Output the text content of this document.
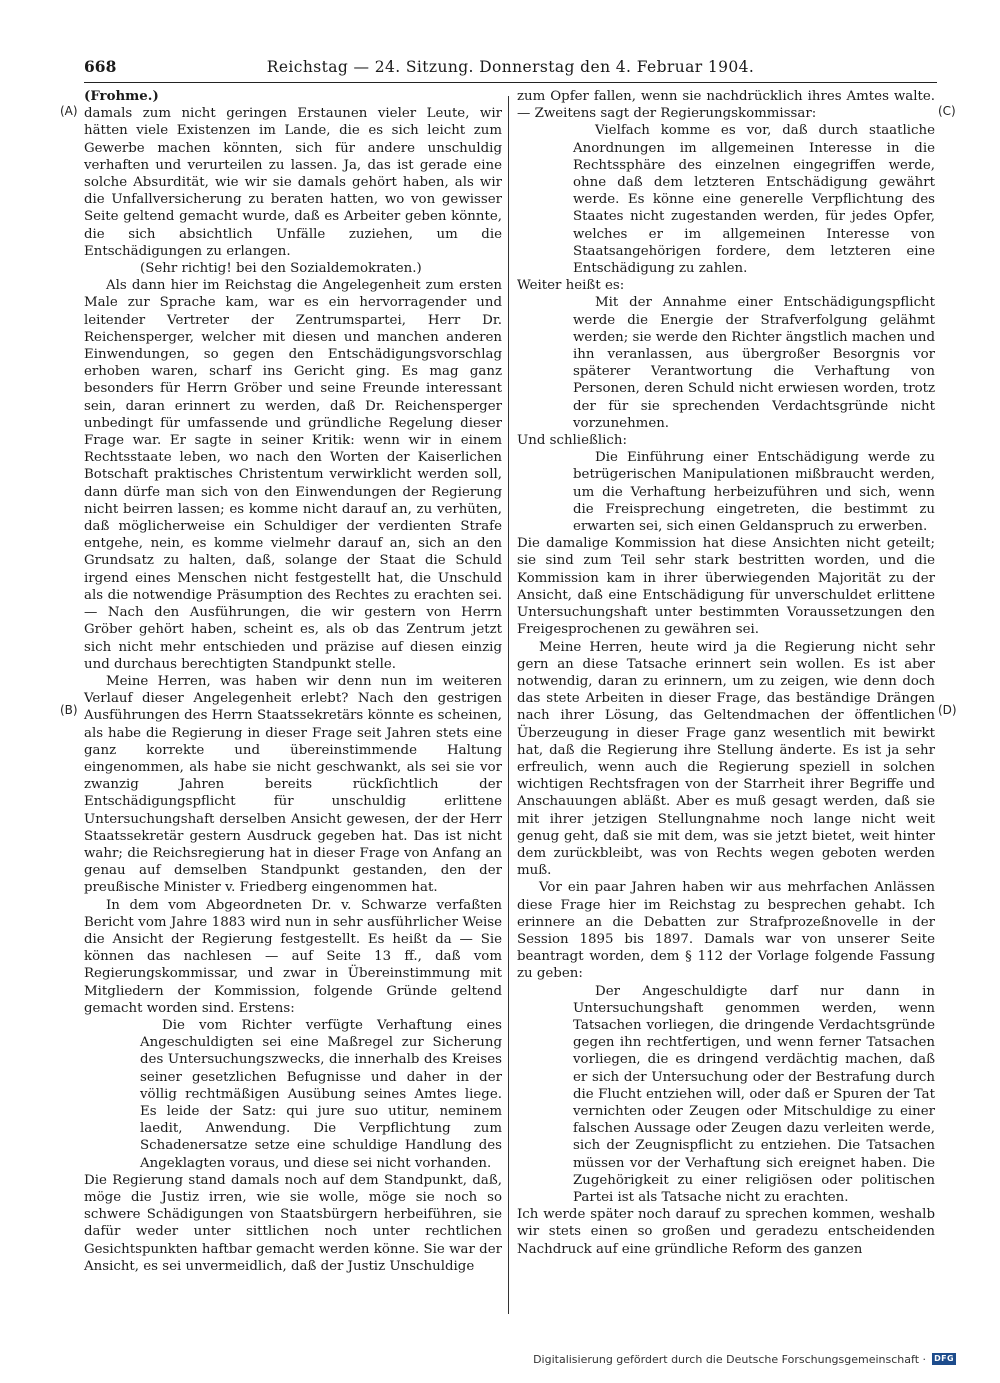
668	Reichstag — 24. Sitzung. Donnerstag den 4. Februar 1904.
(A)
(B)
(C)
(D)

(Frohme.)

damals zum nicht geringen Erstaunen vieler Leute, wir hätten viele Existenzen im Lande, die es sich leicht zum Gewerbe machen könnten, sich für andere unschuldig verhaften und verurteilen zu lassen. Ja, das ist gerade eine solche Absurdität, wie wir sie damals gehört haben, als wir die Unfallversicherung zu beraten hatten, wo von gewisser Seite geltend gemacht wurde, daß es Arbeiter geben könnte, die sich absichtlich Unfälle zuziehen, um die Entschädigungen zu erlangen.

(Sehr richtig! bei den Sozialdemokraten.)

Als dann hier im Reichstag die Angelegenheit zum ersten Male zur Sprache kam, war es ein hervorragender und leitender Vertreter der Zentrumspartei, Herr Dr. Reichensperger, welcher mit diesen und manchen anderen Einwendungen, so gegen den Entschädigungsvorschlag erhoben waren, scharf ins Gericht ging. Es mag ganz besonders für Herrn Gröber und seine Freunde interessant sein, daran erinnert zu werden, daß Dr. Reichensperger unbedingt für umfassende und gründliche Regelung dieser Frage war. Er sagte in seiner Kritik: wenn wir in einem Rechtsstaate leben, wo nach den Worten der Kaiserlichen Botschaft praktisches Christentum verwirklicht werden soll, dann dürfe man sich von den Einwendungen der Regierung nicht beirren lassen; es komme nicht darauf an, zu verhüten, daß möglicherweise ein Schuldiger der verdienten Strafe entgehe, nein, es komme vielmehr darauf an, sich an den Grundsatz zu halten, daß, solange der Staat die Schuld irgend eines Menschen nicht festgestellt hat, die Unschuld als die notwendige Präsumption des Rechtes zu erachten sei. — Nach den Ausführungen, die wir gestern von Herrn Gröber gehört haben, scheint es, als ob das Zentrum jetzt sich nicht mehr entschieden und präzise auf diesen einzig und durchaus berechtigten Standpunkt stelle.

Meine Herren, was haben wir denn nun im weiteren Verlauf dieser Angelegenheit erlebt? Nach den gestrigen Ausführungen des Herrn Staatssekretärs könnte es scheinen, als habe die Regierung in dieser Frage seit Jahren stets eine ganz korrekte und übereinstimmende Haltung eingenommen, als habe sie nicht geschwankt, als sei sie vor zwanzig Jahren bereits rückſichtlich der Entschädigungspflicht für unschuldig erlittene Untersuchungshaft derselben Ansicht gewesen, der der Herr Staatssekretär gestern Ausdruck gegeben hat. Das ist nicht wahr; die Reichsregierung hat in dieser Frage von Anfang an genau auf demselben Standpunkt gestanden, den der preußische Minister v. Friedberg eingenommen hat.

In dem vom Abgeordneten Dr. v. Schwarze verfaßten Bericht vom Jahre 1883 wird nun in sehr ausführlicher Weise die Ansicht der Regierung festgestellt. Es heißt da — Sie können das nachlesen — auf Seite 13 ff., daß vom Regierungskommissar, und zwar in Übereinstimmung mit Mitgliedern der Kommission, folgende Gründe geltend gemacht worden sind. Erstens:

Die vom Richter verfügte Verhaftung eines Angeschuldigten sei eine Maßregel zur Sicherung des Untersuchungszwecks, die innerhalb des Kreises seiner gesetzlichen Befugnisse und daher in der völlig rechtmäßigen Ausübung seines Amtes liege. Es leide der Satz: qui jure suo utitur, neminem laedit, Anwendung. Die Verpflichtung zum Schadenersatze setze eine schuldige Handlung des Angeklagten voraus, und diese sei nicht vorhanden.

Die Regierung stand damals noch auf dem Standpunkt, daß, möge die Justiz irren, wie sie wolle, möge sie noch so schwere Schädigungen von Staatsbürgern herbeiführen, sie dafür weder unter sittlichen noch unter rechtlichen Gesichtspunkten haftbar gemacht werden könne. Sie war der Ansicht, es sei unvermeidlich, daß der Justiz Unschuldige

zum Opfer fallen, wenn sie nachdrücklich ihres Amtes walte. — Zweitens sagt der Regierungskommissar:

Vielfach komme es vor, daß durch staatliche Anordnungen im allgemeinen Interesse in die Rechtssphäre des einzelnen eingegriffen werde, ohne daß dem letzteren Entschädigung gewährt werde. Es könne eine generelle Verpflichtung des Staates nicht zugestanden werden, für jedes Opfer, welches er im allgemeinen Interesse von Staatsangehörigen fordere, dem letzteren eine Entschädigung zu zahlen.

Weiter heißt es:

Mit der Annahme einer Entschädigungspflicht werde die Energie der Strafverfolgung gelähmt werden; sie werde den Richter ängstlich machen und ihn veranlassen, aus übergroßer Besorgnis vor späterer Verantwortung die Verhaftung von Personen, deren Schuld nicht erwiesen worden, trotz der für sie sprechenden Verdachtsgründe nicht vorzunehmen.

Und schließlich:

Die Einführung einer Entschädigung werde zu betrügerischen Manipulationen mißbraucht werden, um die Verhaftung herbeizuführen und sich, wenn die Freisprechung eingetreten, die bestimmt zu erwarten sei, sich einen Geldanspruch zu erwerben.

Die damalige Kommission hat diese Ansichten nicht geteilt; sie sind zum Teil sehr stark bestritten worden, und die Kommission kam in ihrer überwiegenden Majorität zu der Ansicht, daß eine Entschädigung für unverschuldet erlittene Untersuchungshaft unter bestimmten Voraussetzungen den Freigesprochenen zu gewähren sei.

Meine Herren, heute wird ja die Regierung nicht sehr gern an diese Tatsache erinnert sein wollen. Es ist aber notwendig, daran zu erinnern, um zu zeigen, wie denn doch das stete Arbeiten in dieser Frage, das beständige Drängen nach ihrer Lösung, das Geltendmachen der öffentlichen Überzeugung in dieser Frage ganz wesentlich mit bewirkt hat, daß die Regierung ihre Stellung änderte. Es ist ja sehr erfreulich, wenn auch die Regierung speziell in solchen wichtigen Rechtsfragen von der Starrheit ihrer Begriffe und Anschauungen abläßt. Aber es muß gesagt werden, daß sie mit ihrer jetzigen Stellungnahme noch lange nicht weit genug geht, daß sie mit dem, was sie jetzt bietet, weit hinter dem zurückbleibt, was von Rechts wegen geboten werden muß.

Vor ein paar Jahren haben wir aus mehrfachen Anlässen diese Frage hier im Reichstag zu besprechen gehabt. Ich erinnere an die Debatten zur Strafprozeßnovelle in der Session 1895 bis 1897. Damals war von unserer Seite beantragt worden, dem § 112 der Vorlage folgende Fassung zu geben:

Der Angeschuldigte darf nur dann in Untersuchungshaft genommen werden, wenn Tatsachen vorliegen, die dringende Verdachtsgründe gegen ihn rechtfertigen, und wenn ferner Tatsachen vorliegen, die es dringend verdächtig machen, daß er sich der Untersuchung oder der Bestrafung durch die Flucht entziehen will, oder daß er Spuren der Tat vernichten oder Zeugen oder Mitschuldige zu einer falschen Aussage oder Zeugen dazu verleiten werde, sich der Zeugnispflicht zu entziehen. Die Tatsachen müssen vor der Verhaftung sich ereignet haben. Die Zugehörigkeit zu einer religiösen oder politischen Partei ist als Tatsache nicht zu erachten.

Ich werde später noch darauf zu sprechen kommen, weshalb wir stets einen so großen und geradezu entscheidenden Nachdruck auf eine gründliche Reform des ganzen

Digitalisierung gefördert durch die Deutsche Forschungsgemeinschaft · DFG
